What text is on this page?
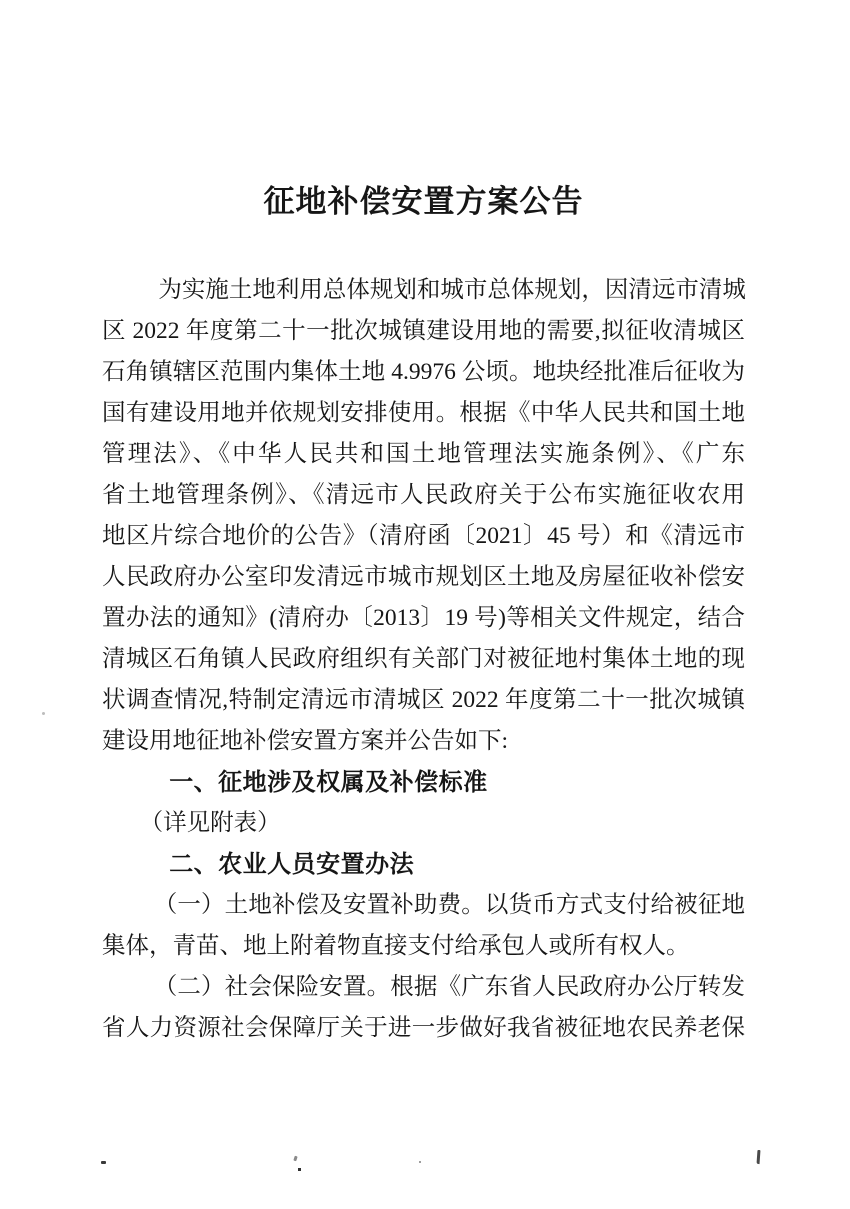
征地补偿安置方案公告
为实施土地利用总体规划和城市总体规划，因清远市清城
区 2022 年度第二十一批次城镇建设用地的需要,拟征收清城区
石角镇辖区范围内集体土地 4.9976 公顷。地块经批准后征收为
国有建设用地并依规划安排使用。根据《中华人民共和国土地
管理法》、《中华人民共和国土地管理法实施条例》、《广东
省土地管理条例》、《清远市人民政府关于公布实施征收农用
地区片综合地价的公告》（清府函〔2021〕45 号）和《清远市
人民政府办公室印发清远市城市规划区土地及房屋征收补偿安
置办法的通知》(清府办〔2013〕19 号)等相关文件规定，结合
清城区石角镇人民政府组织有关部门对被征地村集体土地的现
状调查情况,特制定清远市清城区 2022 年度第二十一批次城镇
建设用地征地补偿安置方案并公告如下:
一、征地涉及权属及补偿标准
（详见附表）
二、农业人员安置办法
（一）土地补偿及安置补助费。以货币方式支付给被征地
集体，青苗、地上附着物直接支付给承包人或所有权人。
（二）社会保险安置。根据《广东省人民政府办公厅转发
省人力资源社会保障厅关于进一步做好我省被征地农民养老保
